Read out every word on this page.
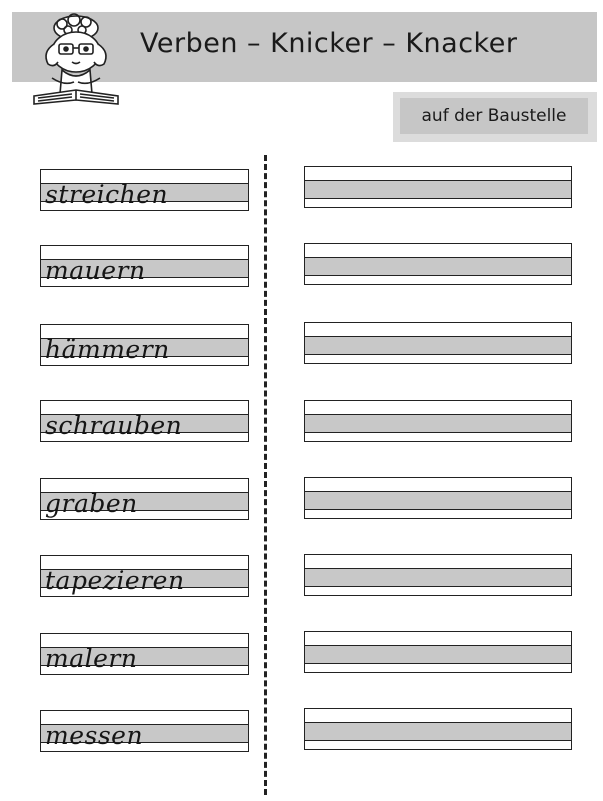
Verben – Knicker – Knacker
auf der Baustelle
streichen
mauern
hämmern
schrauben
graben
tapezieren
malern
messen
